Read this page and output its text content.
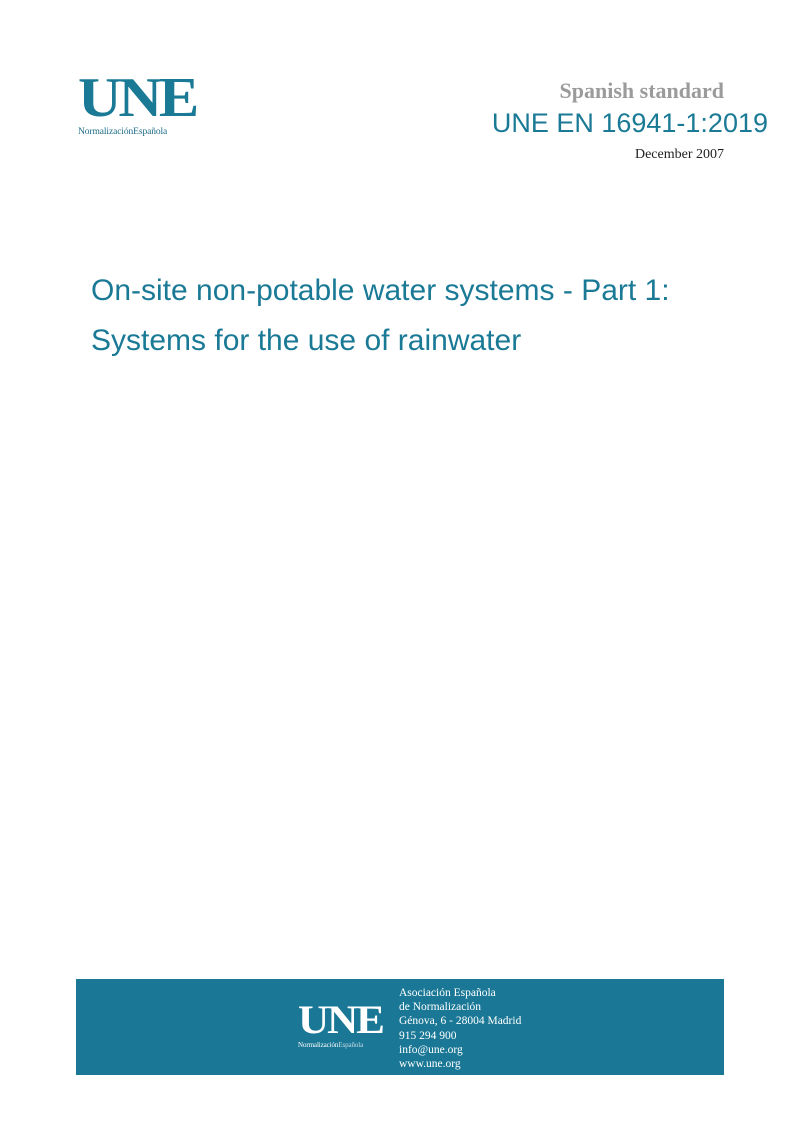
UNE
NormalizaciónEspañola
Spanish standard
UNE EN 16941-1:2019
December 2007
On-site non-potable water systems - Part 1: Systems for the use of rainwater
UNE
NormalizaciónEspañola
Asociación Española
de Normalización
Génova, 6 - 28004 Madrid
915 294 900
info@une.org
www.une.org
